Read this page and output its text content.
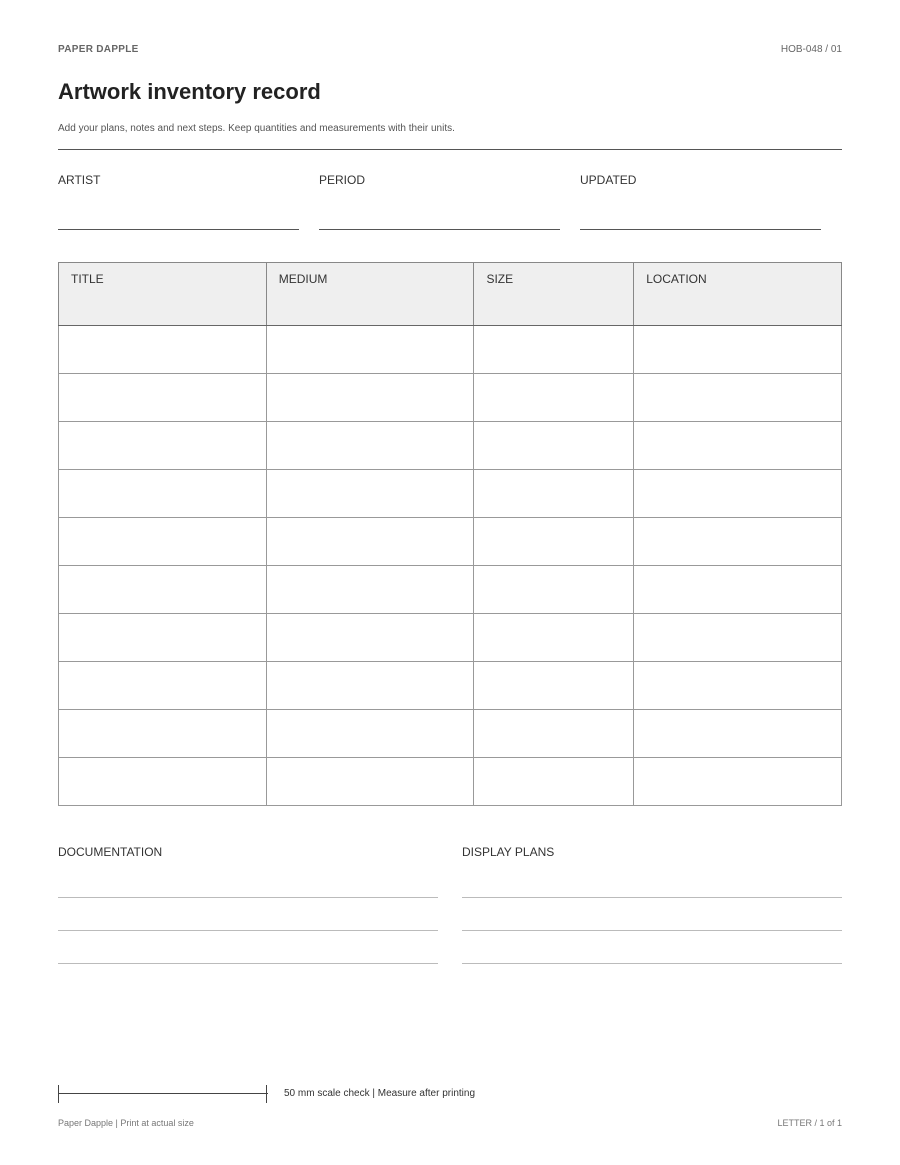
PAPER DAPPLE	HOB-048 / 01
Artwork inventory record
Add your plans, notes and next steps. Keep quantities and measurements with their units.
ARTIST	PERIOD	UPDATED
TITLE	MEDIUM	SIZE	LOCATION

DOCUMENTATION	DISPLAY PLANS
50 mm scale check | Measure after printing
Paper Dapple | Print at actual size	LETTER / 1 of 1
